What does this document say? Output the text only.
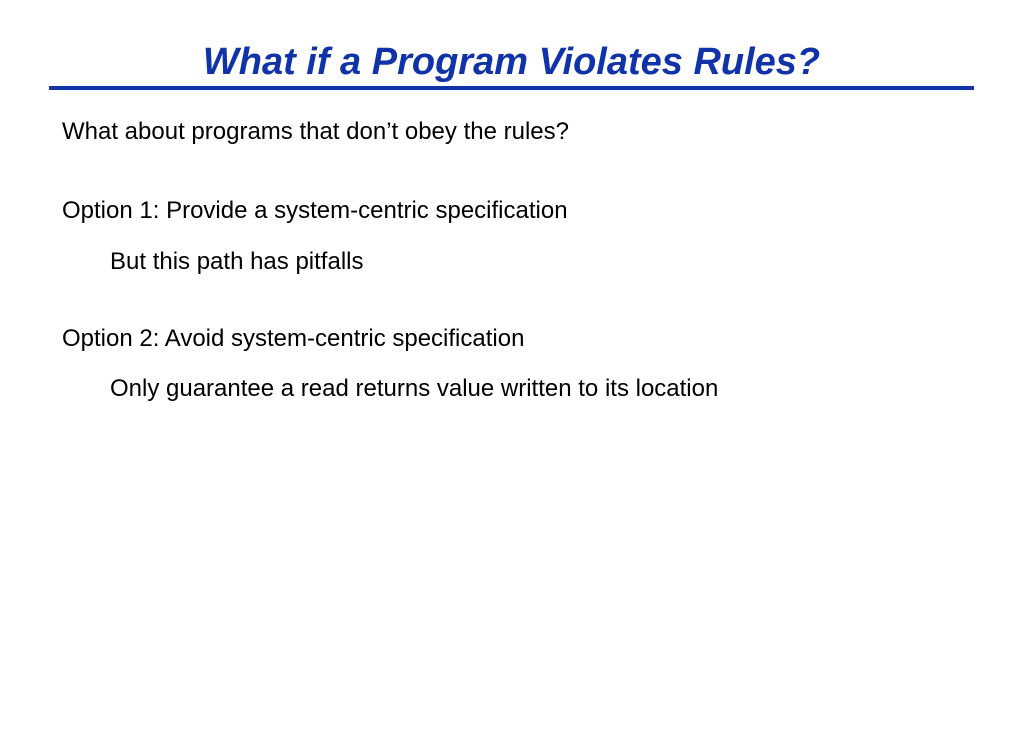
What if a Program Violates Rules?
What about programs that don’t obey the rules?
Option 1: Provide a system-centric specification
But this path has pitfalls
Option 2: Avoid system-centric specification
Only guarantee a read returns value written to its location
